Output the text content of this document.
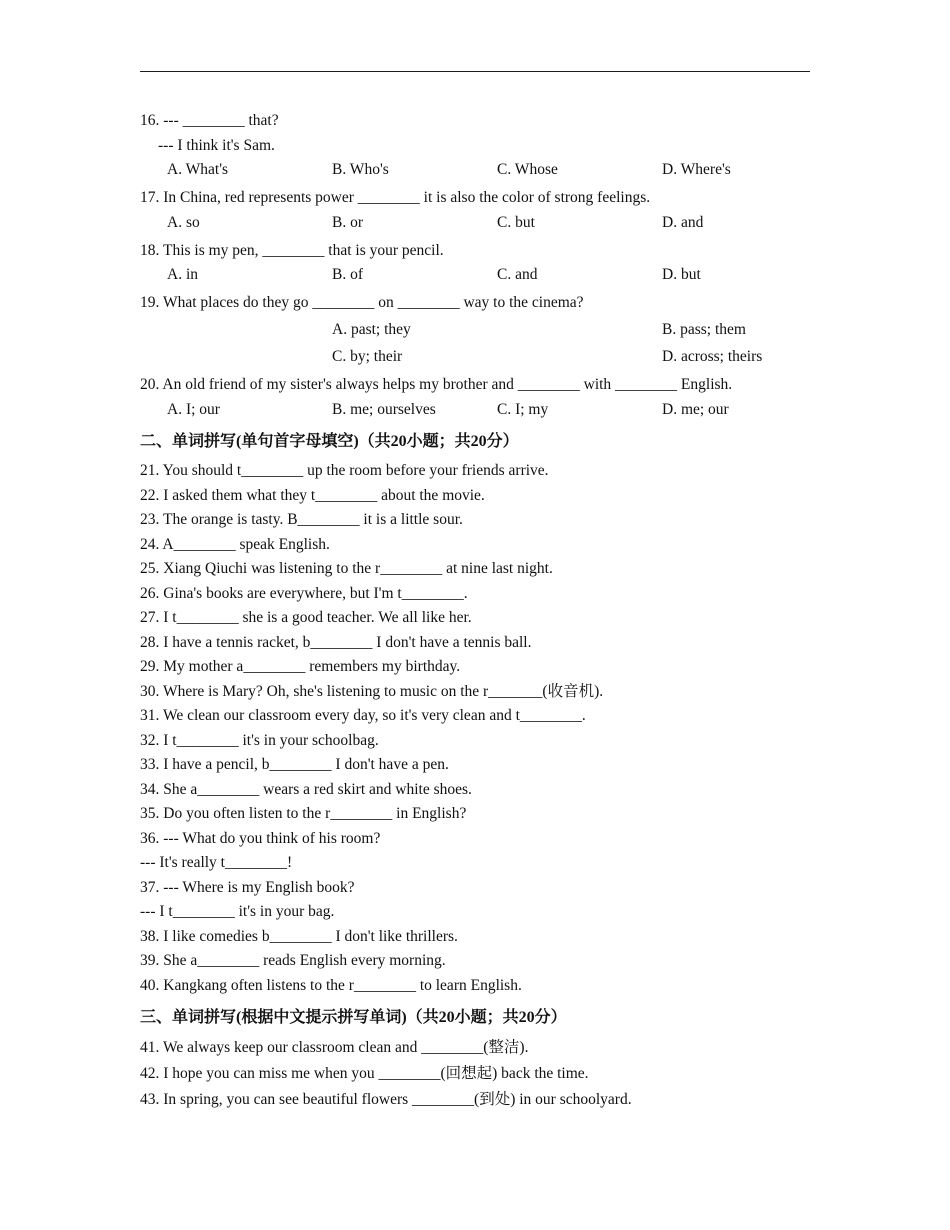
16. --- ________ that?

--- I think it's Sam.

A. What's	B. Who's	C. Whose	D. Where's

17. In China, red represents power ________ it is also the color of strong feelings.

A. so	B. or	C. but	D. and

18. This is my pen, ________ that is your pencil.

A. in	B. of	C. and	D. but

19. What places do they go ________ on ________ way to the cinema?

A. past; they	B. pass; them
C. by; their	D. across; theirs

20. An old friend of my sister's always helps my brother and ________ with ________ English.

A. I; our	B. me; ourselves	C. I; my	D. me; our
二、单词拼写(单句首字母填空)（共20小题；共20分）

21. You should t________ up the room before your friends arrive.

22. I asked them what they t________ about the movie.

23. The orange is tasty. B________ it is a little sour.

24. A________ speak English.

25. Xiang Qiuchi was listening to the r________ at nine last night.

26. Gina's books are everywhere, but I'm t________.

27. I t________ she is a good teacher. We all like her.

28. I have a tennis racket, b________ I don't have a tennis ball.

29. My mother a________ remembers my birthday.

30. Where is Mary? Oh, she's listening to music on the r_______(收音机).

31. We clean our classroom every day, so it's very clean and t________.

32. I t________ it's in your schoolbag.

33. I have a pencil, b________ I don't have a pen.

34. She a________ wears a red skirt and white shoes.

35. Do you often listen to the r________ in English?

36. --- What do you think of his room?

--- It's really t________!

37. --- Where is my English book?

--- I t________ it's in your bag.

38. I like comedies b________ I don't like thrillers.

39. She a________ reads English every morning.

40. Kangkang often listens to the r________ to learn English.

三、单词拼写(根据中文提示拼写单词)（共20小题；共20分）

41. We always keep our classroom clean and ________(整洁).

42. I hope you can miss me when you ________(回想起) back the time.

43. In spring, you can see beautiful flowers ________(到处) in our schoolyard.
